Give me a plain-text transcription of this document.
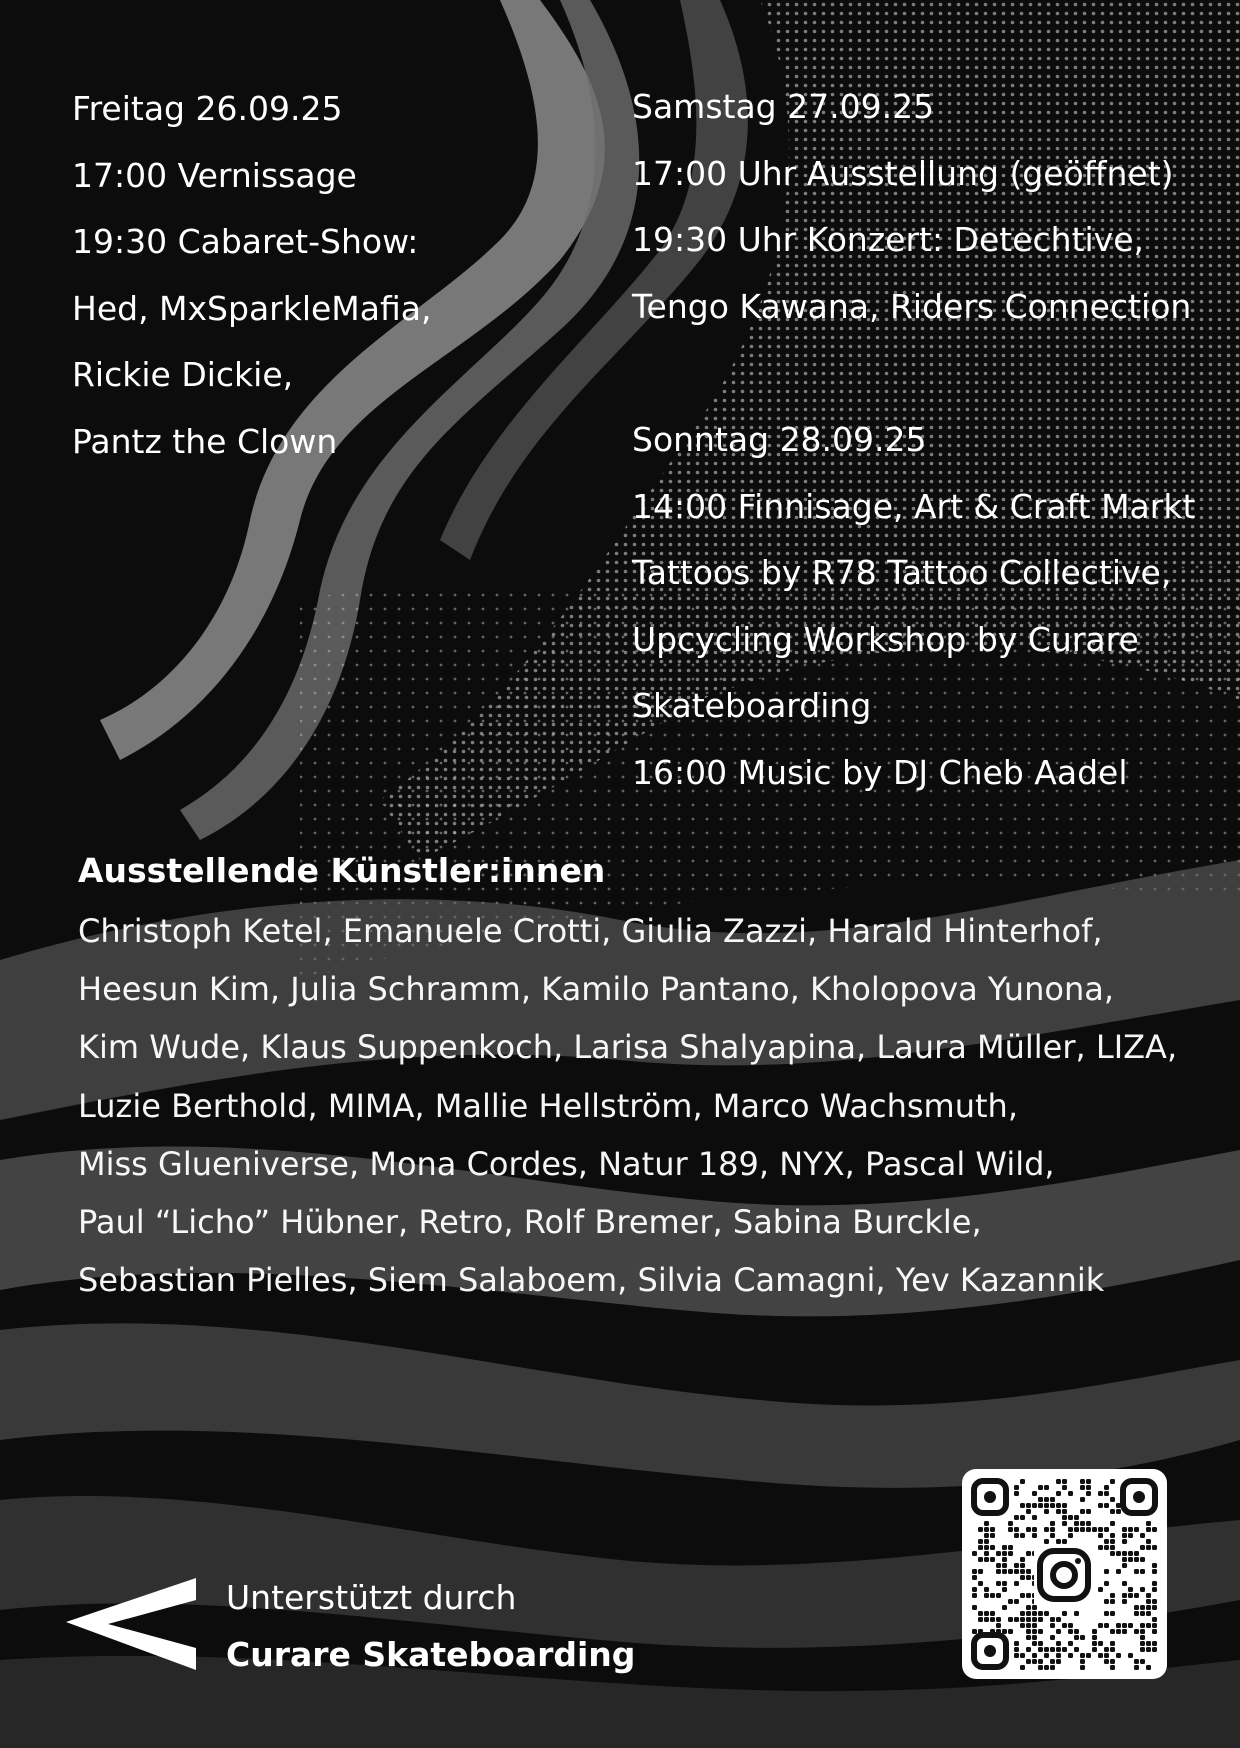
Freitag 26.09.25

17:00 Vernissage

19:30 Cabaret-Show:

Hed, MxSparkleMafia,

Rickie Dickie,

Pantz the Clown

Samstag 27.09.25

17:00 Uhr Ausstellung (geöffnet)

19:30 Uhr Konzert: Detechtive,

Tengo Kawana, Riders Connection

Sonntag 28.09.25

14:00 Finnisage, Art & Craft Markt

Tattoos by R78 Tattoo Collective,

Upcycling Workshop by Curare

Skateboarding

16:00 Music by DJ Cheb Aadel

Ausstellende Künstler:innen

Christoph Ketel, Emanuele Crotti, Giulia Zazzi, Harald Hinterhof,

Heesun Kim, Julia Schramm, Kamilo Pantano, Kholopova Yunona,

Kim Wude, Klaus Suppenkoch, Larisa Shalyapina, Laura Müller, LIZA,

Luzie Berthold, MIMA, Mallie Hellström, Marco Wachsmuth,

Miss Glueniverse, Mona Cordes, Natur 189, NYX, Pascal Wild,

Paul “Licho” Hübner, Retro, Rolf Bremer, Sabina Burckle,

Sebastian Pielles, Siem Salaboem, Silvia Camagni, Yev Kazannik

Unterstützt durch

Curare Skateboarding
